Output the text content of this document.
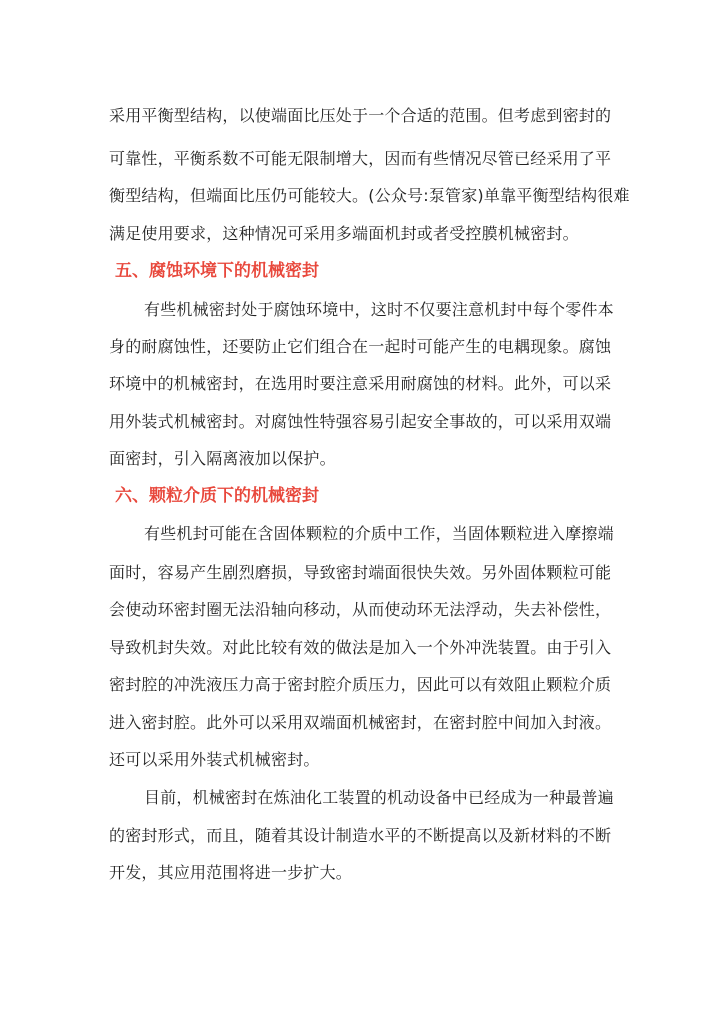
采用平衡型结构，以使端面比压处于一个合适的范围。但考虑到密封的
可靠性，平衡系数不可能无限制增大，因而有些情况尽管已经采用了平
衡型结构，但端面比压仍可能较大。(公众号:泵管家)单靠平衡型结构很难
满足使用要求，这种情况可采用多端面机封或者受控膜机械密封。
五、腐蚀环境下的机械密封
有些机械密封处于腐蚀环境中，这时不仅要注意机封中每个零件本
身的耐腐蚀性，还要防止它们组合在一起时可能产生的电耦现象。腐蚀
环境中的机械密封，在选用时要注意采用耐腐蚀的材料。此外，可以采
用外装式机械密封。对腐蚀性特强容易引起安全事故的，可以采用双端
面密封，引入隔离液加以保护。
六、颗粒介质下的机械密封
有些机封可能在含固体颗粒的介质中工作，当固体颗粒进入摩擦端
面时，容易产生剧烈磨损，导致密封端面很快失效。另外固体颗粒可能
会使动环密封圈无法沿轴向移动，从而使动环无法浮动，失去补偿性，
导致机封失效。对此比较有效的做法是加入一个外冲洗装置。由于引入
密封腔的冲洗液压力高于密封腔介质压力，因此可以有效阻止颗粒介质
进入密封腔。此外可以采用双端面机械密封，在密封腔中间加入封液。
还可以采用外装式机械密封。
目前，机械密封在炼油化工装置的机动设备中已经成为一种最普遍
的密封形式，而且，随着其设计制造水平的不断提高以及新材料的不断
开发，其应用范围将进一步扩大。
